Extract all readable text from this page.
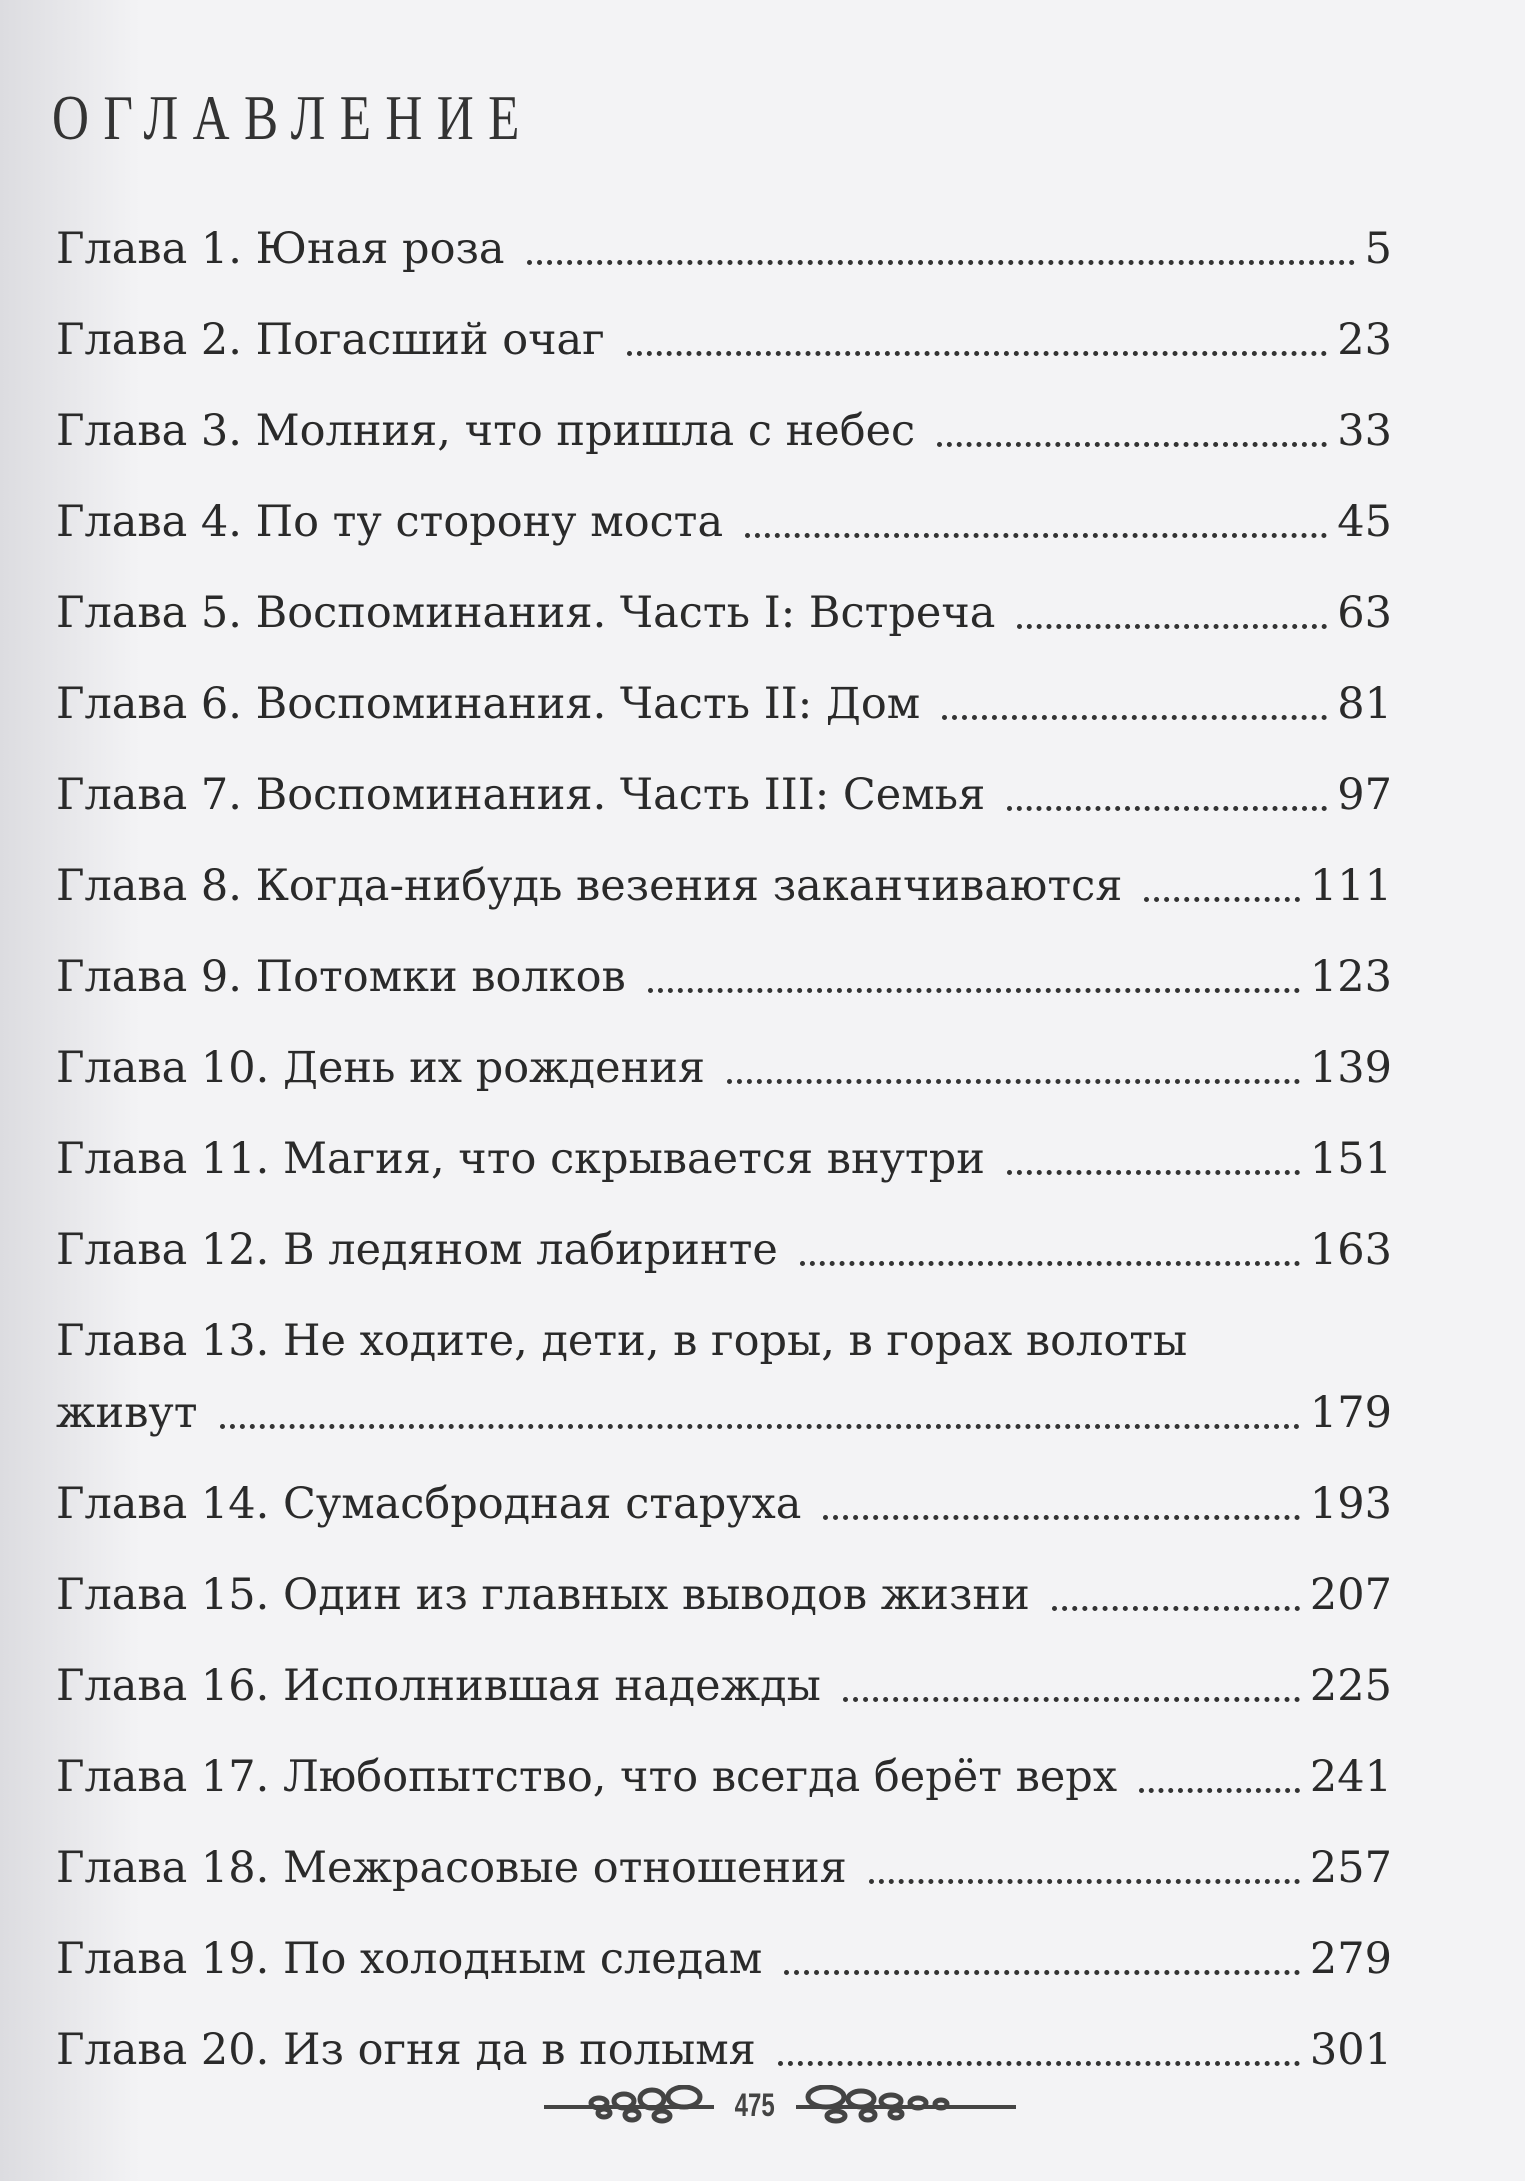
ОГЛАВЛЕНИЕ
Глава 1. Юная роза	5
Глава 2. Погасший очаг	23
Глава 3. Молния, что пришла с небес	33
Глава 4. По ту сторону моста	45
Глава 5. Воспоминания. Часть I: Встреча	63
Глава 6. Воспоминания. Часть II: Дом	81
Глава 7. Воспоминания. Часть III: Семья	97
Глава 8. Когда-нибудь везения заканчиваются	111
Глава 9. Потомки волков	123
Глава 10. День их рождения	139
Глава 11. Магия, что скрывается внутри	151
Глава 12. В ледяном лабиринте	163
Глава 13. Не ходите, дети, в горы, в горах волоты
живут	179
Глава 14. Сумасбродная старуха	193
Глава 15. Один из главных выводов жизни	207
Глава 16. Исполнившая надежды	225
Глава 17. Любопытство, что всегда берёт верх	241
Глава 18. Межрасовые отношения	257
Глава 19. По холодным следам	279
Глава 20. Из огня да в полымя	301
475
